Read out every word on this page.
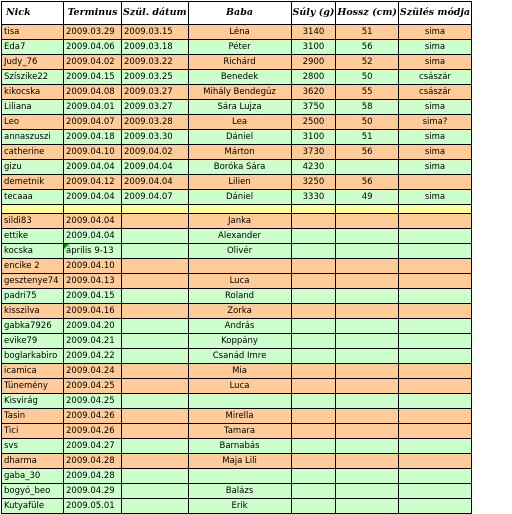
Nick	Terminus	Szül. dátum	Baba	Súly (g)	Hossz (cm)	Szülés módja
tisa	2009.03.29	2009.03.15	Léna	3140	51	sima
Eda7	2009.04.06	2009.03.18	Péter	3100	56	sima
Judy_76	2009.04.02	2009.03.22	Richárd	2900	52	sima
Szíszike22	2009.04.15	2009.03.25	Benedek	2800	50	császár
kikocska	2009.04.08	2009.03.27	Mihály Bendegúz	3620	55	császár
Liliana	2009.04.01	2009.03.27	Sára Lujza	3750	58	sima
Leo	2009.04.07	2009.03.28	Lea	2500	50	sima?
annaszuszi	2009.04.18	2009.03.30	Dániel	3100	51	sima
catherine	2009.04.10	2009.04.02	Márton	3730	56	sima
gizu	2009.04.04	2009.04.04	Boróka Sára	4230		sima
demetnik	2009.04.12	2009.04.04	Lilien	3250	56	
tecaaa	2009.04.04	2009.04.07	Dániel	3330	49	sima

sildi83	2009.04.04		Janka			
ettike	2009.04.04		Alexander			
kocska	április 9-13		Olivér			
encike 2	2009.04.10					
gesztenye74	2009.04.13		Luca			
padri75	2009.04.15		Roland			
kisszilva	2009.04.16		Zorka			
gabka7926	2009.04.20		András			
evike79	2009.04.21		Koppány			
boglarkabiro	2009.04.22		Csanád Imre			
icamica	2009.04.24		Mia			
Tünemény	2009.04.25		Luca			
Kisvirág	2009.04.25					
Tasin	2009.04.26		Mirella			
Tici	2009.04.26		Tamara			
svs	2009.04.27		Barnabás			
dharma	2009.04.28		Maja Lili			
gaba_30	2009.04.28					
bogyó_beo	2009.04.29		Balázs			
Kutyafüle	2009.05.01		Erik			
